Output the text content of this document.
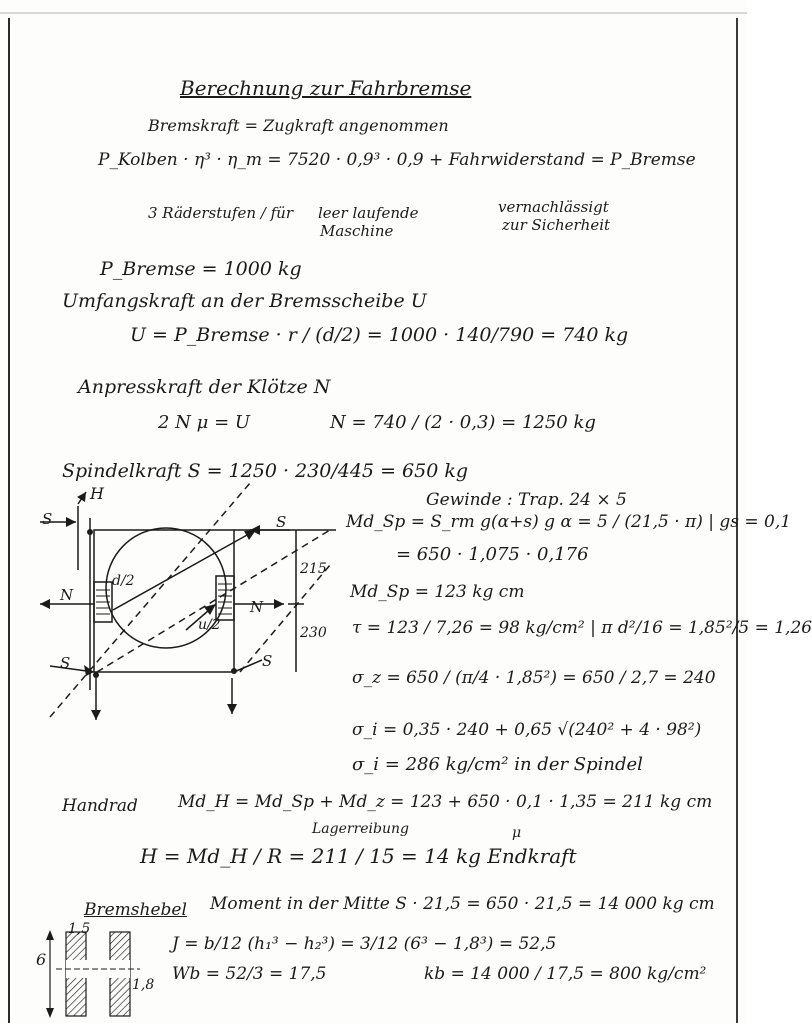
Berechnung zur Fahrbremse
Bremskraft = Zugkraft angenommen
P_Kolben · η³ · η_m = 7520 · 0,9³ · 0,9 + Fahrwiderstand = P_Bremse
3 Räderstufen / für leer laufende
Maschine
vernachlässigt
zur Sicherheit
P_Bremse = 1000 kg
Umfangskraft an der Bremsscheibe U
U = P_Bremse · r / (d/2) = 1000 · 140/790 = 740 kg
Anpresskraft der Klötze N
2 N μ = U	N = 740 / (2 · 0,3) = 1250 kg
Spindelkraft S = 1250 · 230/445 = 650 kg
Gewinde : Trap. 24 × 5
H
S	S
N
N
S	S
d/2
u/2
215
230
Md_Sp = S_rm g(α+s) g α = 5 / (21,5 · π) | gs = 0,1
= 650 · 1,075 · 0,176
Md_Sp = 123 kg cm
τ = 123 / 7,26 = 98 kg/cm² | π d²/16 = 1,85²/5 = 1,26
σ_z = 650 / (π/4 · 1,85²) = 650 / 2,7 = 240
σ_i = 0,35 · 240 + 0,65 √(240² + 4 · 98²)
σ_i = 286 kg/cm² in der Spindel
Handrad Md_H = Md_Sp + Md_z = 123 + 650 · 0,1 · 1,35 = 211 kg cm
Lagerreibung	μ
H = Md_H / R = 211 / 15 = 14 kg Endkraft
Bremshebel Moment in der Mitte S · 21,5 = 650 · 21,5 = 14 000 kg cm
1,5
6
1,8
J = b/12 (h₁³ − h₂³) = 3/12 (6³ − 1,8³) = 52,5
Wb = 52/3 = 17,5	kb = 14 000 / 17,5 = 800 kg/cm²
